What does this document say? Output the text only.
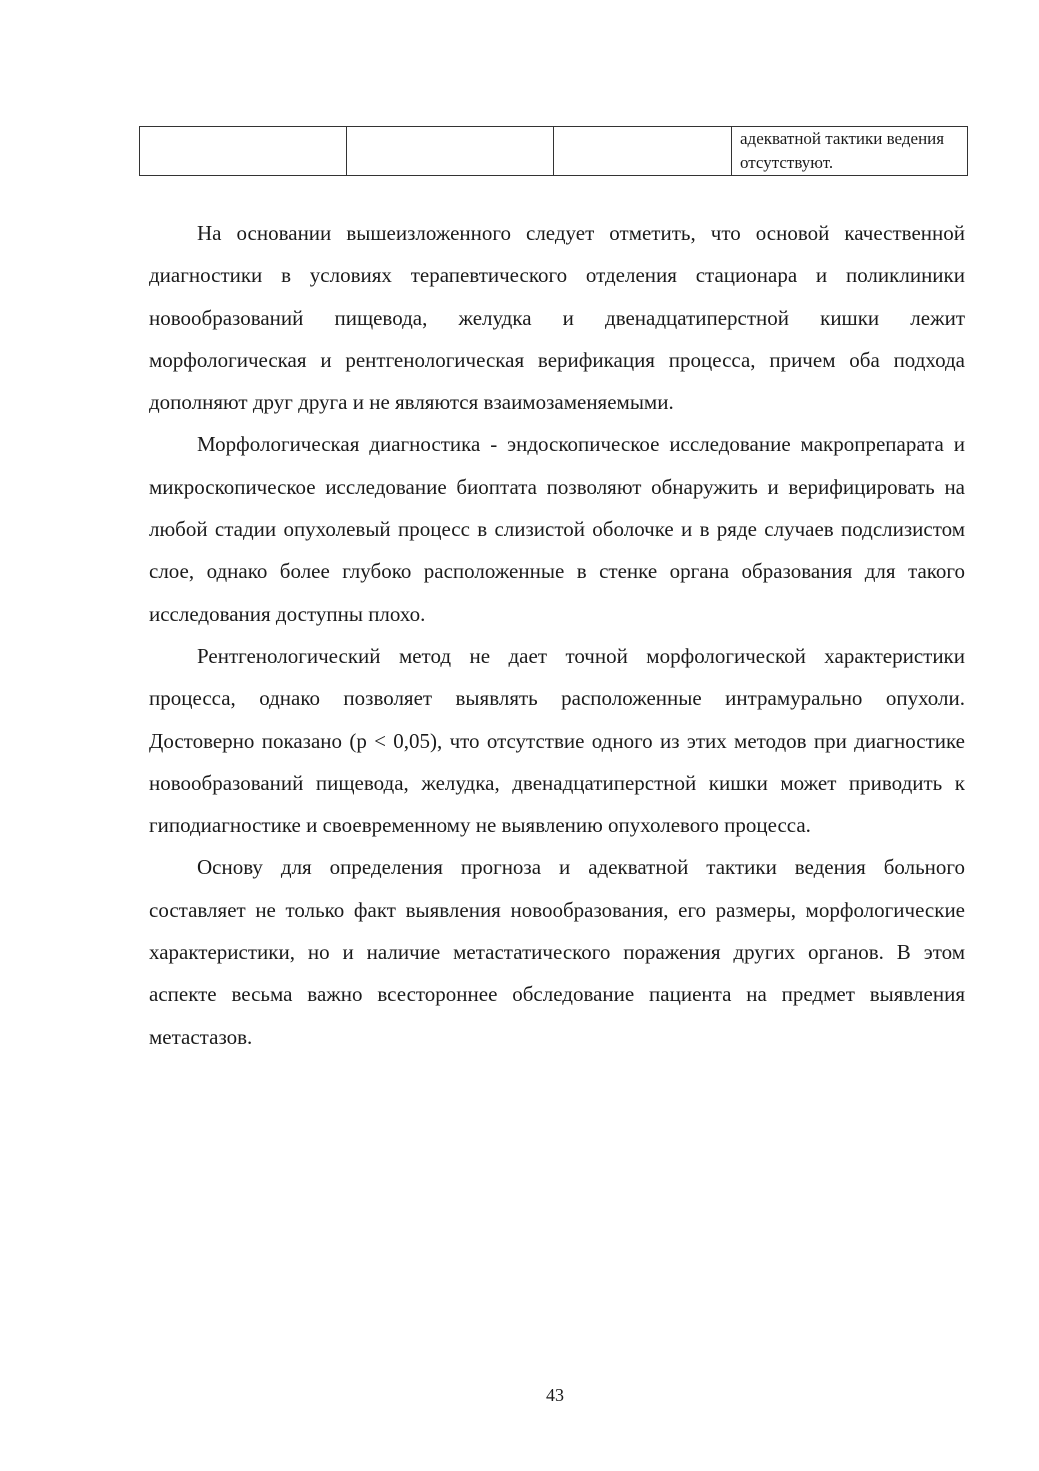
			адекватной тактики ведения отсутствуют.

На основании вышеизложенного следует отметить, что основой качественной диагностики в условиях терапевтического отделения стационара и поликлиники новообразований пищевода, желудка и двенадцатиперстной кишки лежит морфологическая и рентгенологическая верификация процесса, причем оба подхода дополняют друг друга и не являются взаимозаменяемыми.

Морфологическая диагностика - эндоскопическое исследование макропрепарата и микроскопическое исследование биоптата позволяют обнаружить и верифицировать на любой стадии опухолевый процесс в слизистой оболочке и в ряде случаев подслизистом слое, однако более глубоко расположенные в стенке органа образования для такого исследования доступны плохо.

Рентгенологический метод не дает точной морфологической характеристики процесса, однако позволяет выявлять расположенные интрамурально опухоли. Достоверно показано (р < 0,05), что отсутствие одного из этих методов при диагностике новообразований пищевода, желудка, двенадцатиперстной кишки может приводить к гиподиагностике и своевременному не выявлению опухолевого процесса.

Основу для определения прогноза и адекватной тактики ведения больного составляет не только факт выявления новообразования, его размеры, морфологические характеристики, но и наличие метастатического поражения других органов. В этом аспекте весьма важно всестороннее обследование пациента на предмет выявления метастазов.

43
